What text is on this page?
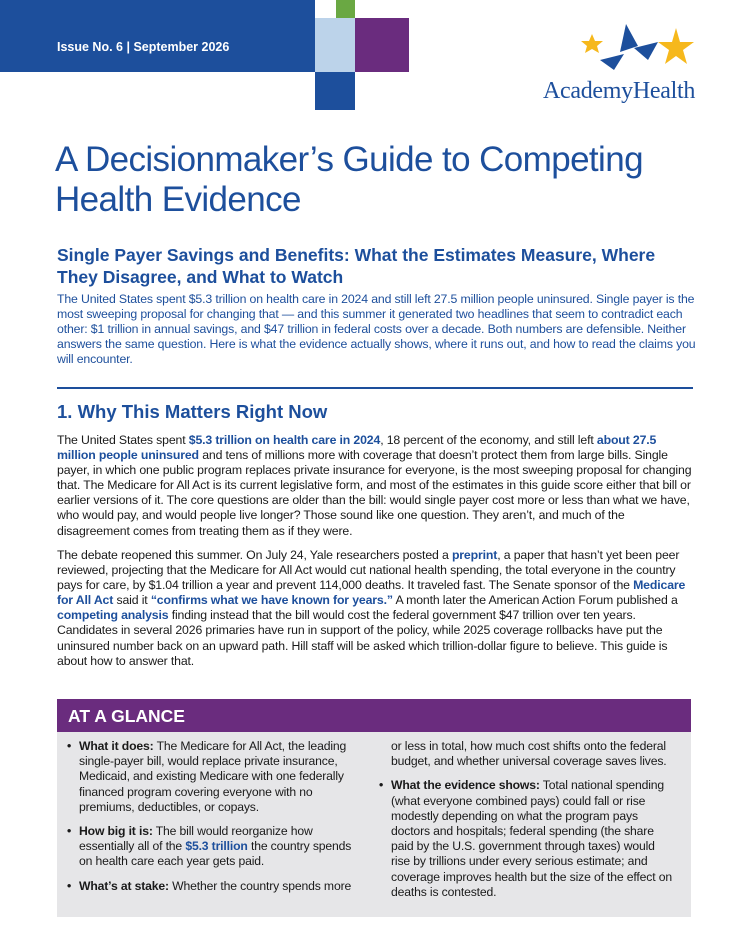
Issue No. 6 | September 2026
AcademyHealth
A Decisionmaker’s Guide to Competing Health Evidence
Single Payer Savings and Benefits: What the Estimates Measure, Where They Disagree, and What to Watch

The United States spent $5.3 trillion on health care in 2024 and still left 27.5 million people uninsured. Single payer is the most sweeping proposal for changing that — and this summer it generated two headlines that seem to contradict each other: $1 trillion in annual savings, and $47 trillion in federal costs over a decade. Both numbers are defensible. Neither answers the same question. Here is what the evidence actually shows, where it runs out, and how to read the claims you will encounter.

1. Why This Matters Right Now

The United States spent $5.3 trillion on health care in 2024, 18 percent of the economy, and still left about 27.5 million people uninsured and tens of millions more with coverage that doesn’t protect them from large bills. Single payer, in which one public program replaces private insurance for everyone, is the most sweeping proposal for changing that. The Medicare for All Act is its current legislative form, and most of the estimates in this guide score either that bill or earlier versions of it. The core questions are older than the bill: would single payer cost more or less than what we have, who would pay, and would people live longer? Those sound like one question. They aren’t, and much of the disagreement comes from treating them as if they were.

The debate reopened this summer. On July 24, Yale researchers posted a preprint, a paper that hasn’t yet been peer reviewed, projecting that the Medicare for All Act would cut national health spending, the total everyone in the country pays for care, by $1.04 trillion a year and prevent 114,000 deaths. It traveled fast. The Senate sponsor of the Medicare for All Act said it “confirms what we have known for years.” A month later the American Action Forum published a competing analysis finding instead that the bill would cost the federal government $47 trillion over ten years. Candidates in several 2026 primaries have run in support of the policy, while 2025 coverage rollbacks have put the uninsured number back on an upward path. Hill staff will be asked which trillion-dollar figure to believe. This guide is about how to answer that.

AT A GLANCE
• What it does: The Medicare for All Act, the leading single-payer bill, would replace private insurance, Medicaid, and existing Medicare with one federally financed program covering everyone with no premiums, deductibles, or copays.
• How big it is: The bill would reorganize how essentially all of the $5.3 trillion the country spends on health care each year gets paid.
• What’s at stake: Whether the country spends more
or less in total, how much cost shifts onto the federal budget, and whether universal coverage saves lives.
• What the evidence shows: Total national spending (what everyone combined pays) could fall or rise modestly depending on what the program pays doctors and hospitals; federal spending (the share paid by the U.S. government through taxes) would rise by trillions under every serious estimate; and coverage improves health but the size of the effect on deaths is contested.
